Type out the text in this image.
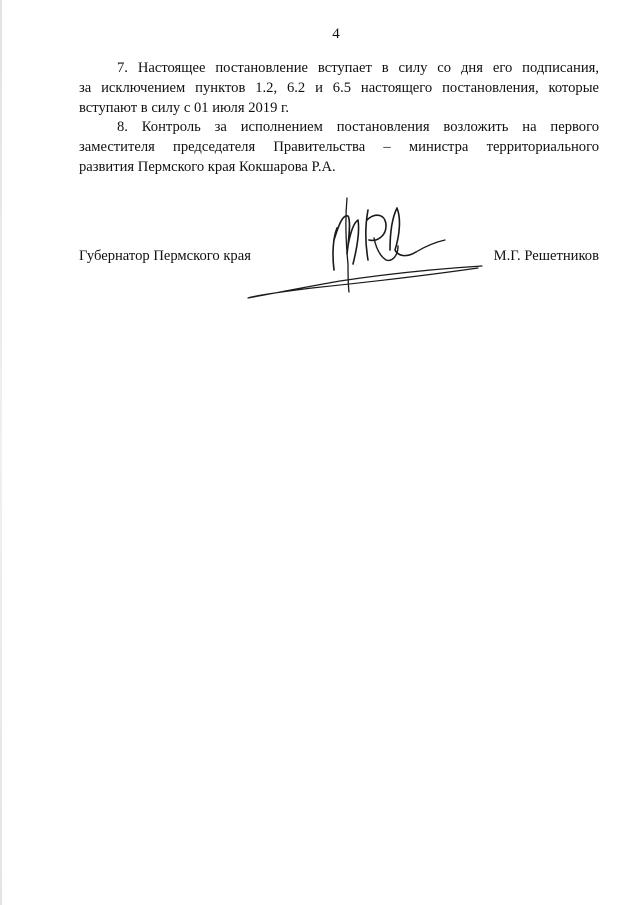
4

7. Настоящее постановление вступает в силу со дня его подписания,
за исключением пунктов 1.2, 6.2 и 6.5 настоящего постановления, которые
вступают в силу с 01 июля 2019 г.

8. Контроль за исполнением постановления возложить на первого
заместителя председателя Правительства – министра территориального
развития Пермского края Кокшарова Р.А.

Губернатор Пермского края	М.Г. Решетников
